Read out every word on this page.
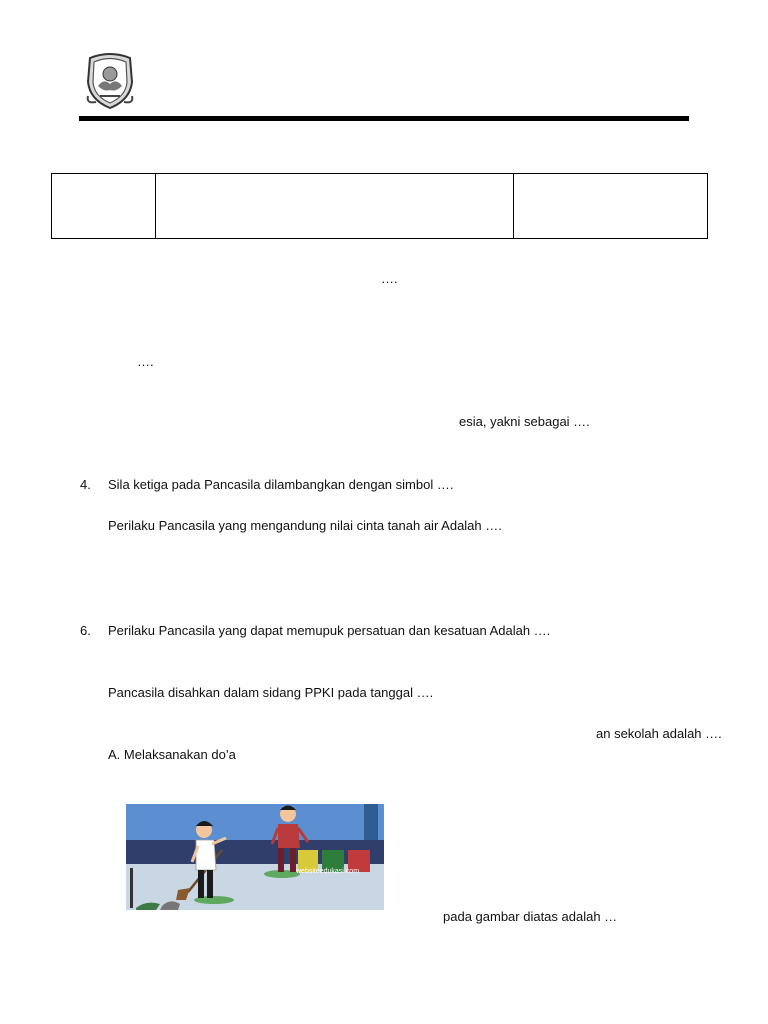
….
….
esia, yakni sebagai ….
4. Sila ketiga pada Pancasila dilambangkan dengan simbol ….
Perilaku Pancasila yang mengandung nilai cinta tanah air Adalah ….
6. Perilaku Pancasila yang dapat memupuk persatuan dan kesatuan Adalah ….
Pancasila disahkan dalam sidang PPKI pada tanggal ….
an sekolah adalah ….
A. Melaksanakan do’a
websiteedukasi.com
pada gambar diatas adalah …
